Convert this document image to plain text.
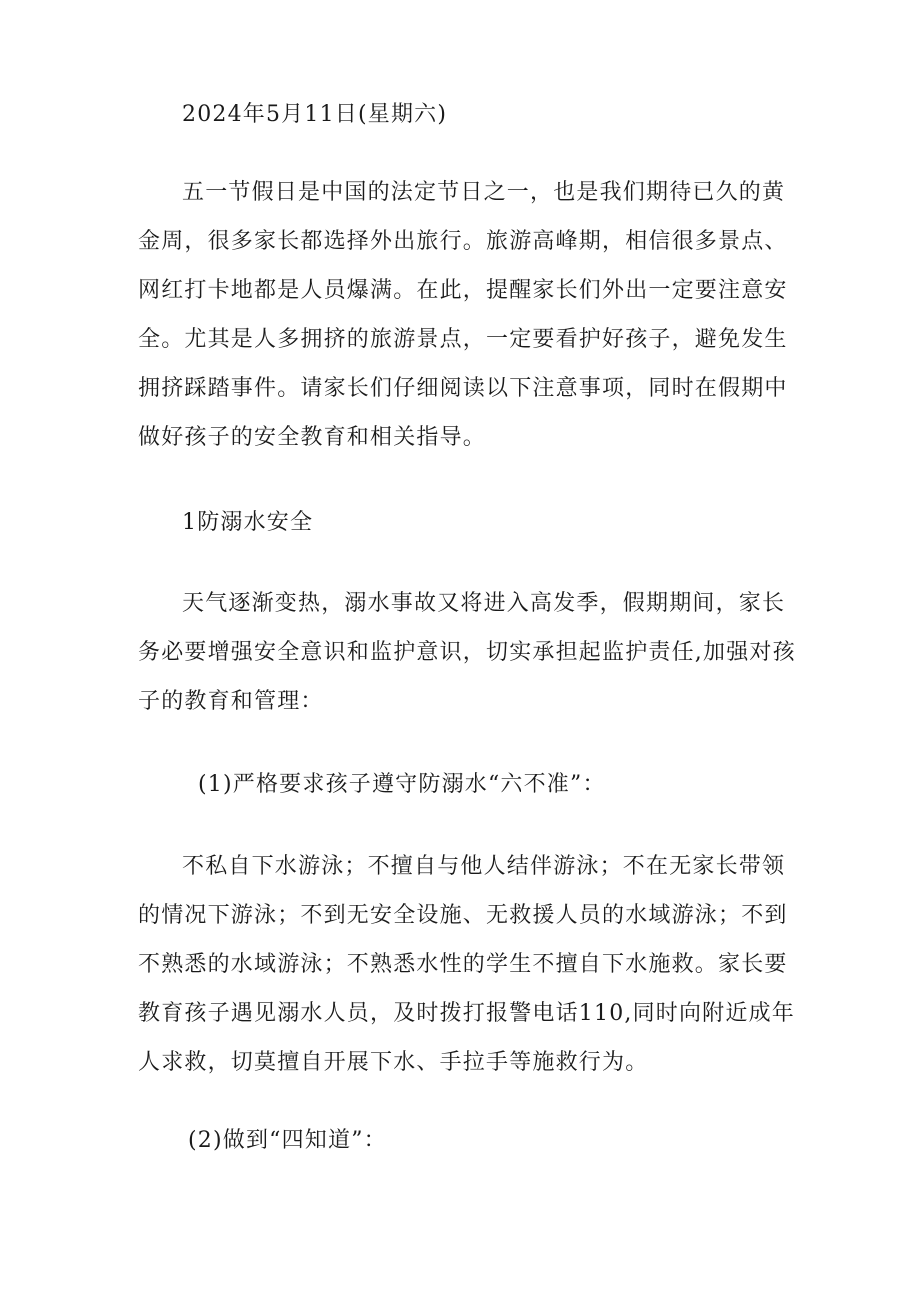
2024年5月11日(星期六)
五一节假日是中国的法定节日之一，也是我们期待已久的黄
金周，很多家长都选择外出旅行。旅游高峰期，相信很多景点、
网红打卡地都是人员爆满。在此，提醒家长们外出一定要注意安
全。尤其是人多拥挤的旅游景点，一定要看护好孩子，避免发生
拥挤踩踏事件。请家长们仔细阅读以下注意事项，同时在假期中
做好孩子的安全教育和相关指导。
1防溺水安全
天气逐渐变热，溺水事故又将进入高发季，假期期间，家长
务必要增强安全意识和监护意识，切实承担起监护责任,加强对孩
子的教育和管理：
(1)严格要求孩子遵守防溺水“六不准”：
不私自下水游泳；不擅自与他人结伴游泳；不在无家长带领
的情况下游泳；不到无安全设施、无救援人员的水域游泳；不到
不熟悉的水域游泳；不熟悉水性的学生不擅自下水施救。家长要
教育孩子遇见溺水人员，及时拨打报警电话110,同时向附近成年
人求救，切莫擅自开展下水、手拉手等施救行为。
(2)做到“四知道”：
